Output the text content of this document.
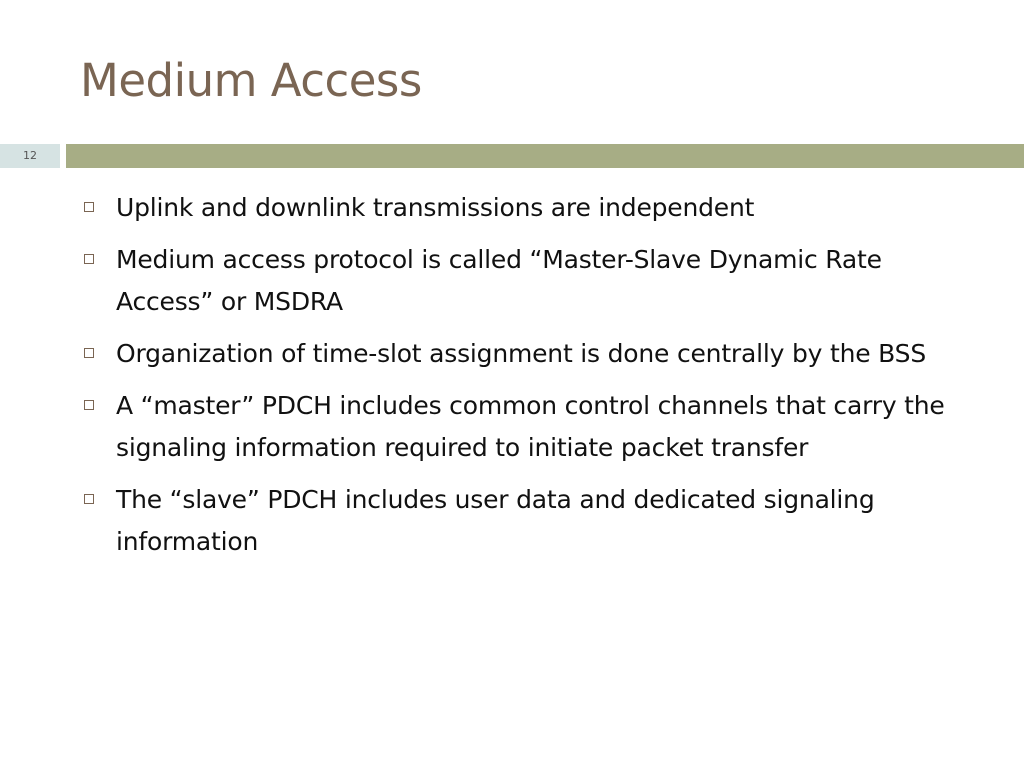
Medium Access
12
Uplink and downlink transmissions are independent
Medium access protocol is called “Master-Slave Dynamic Rate Access” or MSDRA
Organization of time-slot assignment is done centrally by the BSS
A “master” PDCH includes common control channels that carry the signaling information required to initiate packet transfer
The “slave” PDCH includes user data and dedicated signaling information
